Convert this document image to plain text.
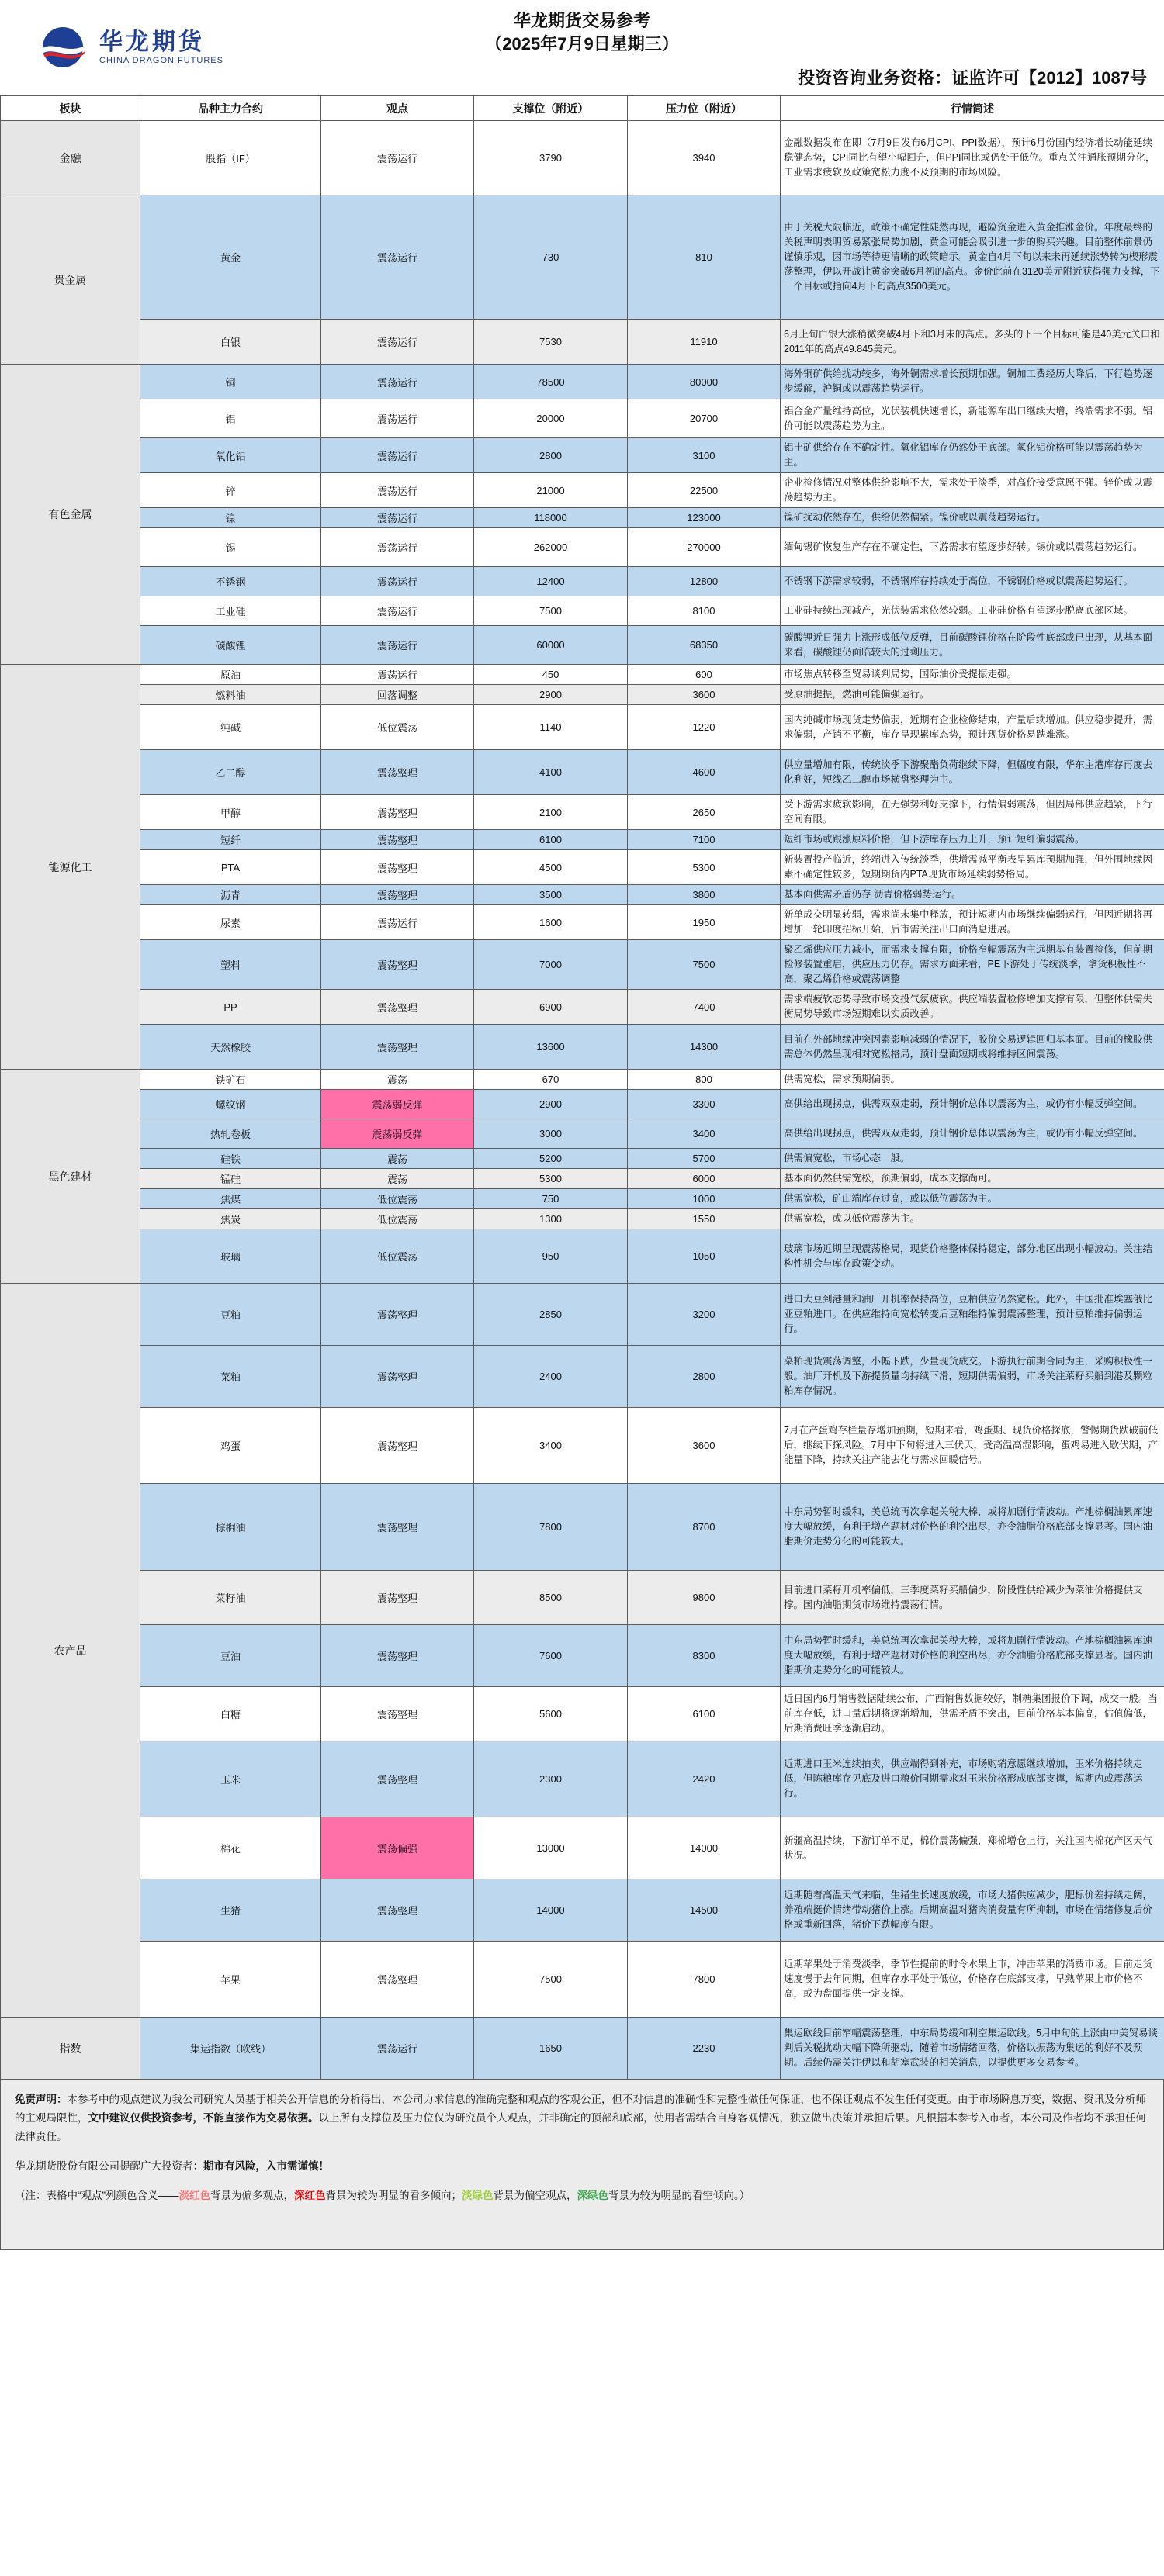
华龙期货
CHINA DRAGON FUTURES
华龙期货交易参考
（2025年7月9日星期三）
投资咨询业务资格：证监许可【2012】1087号
板块	品种主力合约	观点	支撑位（附近）	压力位（附近）	行情简述
金融	股指（IF）	震荡运行	3790	3940	金融数据发布在即（7月9日发布6月CPI、PPI数据），预计6月份国内经济增长动能延续稳健态势，CPI同比有望小幅回升，但PPI同比或仍处于低位。重点关注通胀预期分化，工业需求疲软及政策宽松力度不及预期的市场风险。
贵金属	黄金	震荡运行	730	810	由于关税大限临近，政策不确定性陡然再现，避险资金进入黄金推涨金价。年度最终的关税声明表明贸易紧张局势加剧，黄金可能会吸引进一步的购买兴趣。目前整体前景仍谨慎乐观，因市场等待更清晰的政策暗示。黄金自4月下旬以来未再延续涨势转为楔形震荡整理，伊以开战让黄金突破6月初的高点。金价此前在3120美元附近获得强力支撑，下一个目标或指向4月下旬高点3500美元。
	白银	震荡运行	7530	11910	6月上旬白银大涨稍微突破4月下和3月末的高点。多头的下一个目标可能是40美元关口和2011年的高点49.845美元。
有色金属	铜	震荡运行	78500	80000	海外铜矿供给扰动较多，海外铜需求增长预期加强。铜加工费经历大降后，下行趋势逐步缓解，沪铜或以震荡趋势运行。
	铝	震荡运行	20000	20700	铝合金产量维持高位，光伏装机快速增长，新能源车出口继续大增，终端需求不弱。铝价可能以震荡趋势为主。
	氧化铝	震荡运行	2800	3100	铝土矿供给存在不确定性。氧化铝库存仍然处于底部。氧化铝价格可能以震荡趋势为主。
	锌	震荡运行	21000	22500	企业检修情况对整体供给影响不大，需求处于淡季，对高价接受意愿不强。锌价或以震荡趋势为主。
	镍	震荡运行	118000	123000	镍矿扰动依然存在，供给仍然偏紧。镍价或以震荡趋势运行。
	锡	震荡运行	262000	270000	缅甸锡矿恢复生产存在不确定性，下游需求有望逐步好转。锡价或以震荡趋势运行。
	不锈钢	震荡运行	12400	12800	不锈钢下游需求较弱，不锈钢库存持续处于高位，不锈钢价格或以震荡趋势运行。
	工业硅	震荡运行	7500	8100	工业硅持续出现减产，光伏装需求依然较弱。工业硅价格有望逐步脱离底部区域。
	碳酸锂	震荡运行	60000	68350	碳酸锂近日强力上涨形成低位反弹，目前碳酸锂价格在阶段性底部或已出现，从基本面来看，碳酸锂仍面临较大的过剩压力。
能源化工	原油	震荡运行	450	600	市场焦点转移至贸易谈判局势，国际油价受提振走强。
	燃料油	回落调整	2900	3600	受原油提振，燃油可能偏强运行。
	纯碱	低位震荡	1140	1220	国内纯碱市场现货走势偏弱，近期有企业检修结束，产量后续增加。供应稳步提升，需求偏弱，产销不平衡，库存呈现累库态势，预计现货价格易跌难涨。
	乙二醇	震荡整理	4100	4600	供应量增加有限，传统淡季下游聚酯负荷继续下降，但幅度有限，华东主港库存再度去化利好，短线乙二醇市场横盘整理为主。
	甲醇	震荡整理	2100	2650	受下游需求疲软影响，在无强势利好支撑下，行情偏弱震荡，但因局部供应趋紧，下行空间有限。
	短纤	震荡整理	6100	7100	短纤市场或跟涨原料价格，但下游库存压力上升，预计短纤偏弱震荡。
	PTA	震荡整理	4500	5300	新装置投产临近，终端进入传统淡季，供增需减平衡表呈累库预期加强，但外围地缘因素不确定性较多，短期期货内PTA现货市场延续弱势格局。
	沥青	震荡整理	3500	3800	基本面供需矛盾仍存 沥青价格弱势运行。
	尿素	震荡运行	1600	1950	新单成交明显转弱，需求尚未集中释放，预计短期内市场继续偏弱运行，但因近期将再增加一轮印度招标开始，后市需关注出口面消息进展。
	塑料	震荡整理	7000	7500	聚乙烯供应压力减小，而需求支撑有限，价格窄幅震荡为主远期基有装置检修，但前期检修装置重启，供应压力仍存。需求方面来看，PE下游处于传统淡季，拿货积极性不高，聚乙烯价格或震荡调整
	PP	震荡整理	6900	7400	需求端疲软态势导致市场交投气氛疲软。供应端装置检修增加支撑有限，但整体供需失衡局势导致市场短期难以实质改善。
	天然橡胶	震荡整理	13600	14300	目前在外部地缘冲突因素影响减弱的情况下，胶价交易逻辑回归基本面。目前的橡胶供需总体仍然呈现相对宽松格局，预计盘面短期或将维持区间震荡。
黑色建材	铁矿石	震荡	670	800	供需宽松，需求预期偏弱。
	螺纹钢	震荡弱反弹	2900	3300	高供给出现拐点，供需双双走弱，预计钢价总体以震荡为主，或仍有小幅反弹空间。
	热轧卷板	震荡弱反弹	3000	3400	高供给出现拐点，供需双双走弱，预计钢价总体以震荡为主，或仍有小幅反弹空间。
	硅铁	震荡	5200	5700	供需偏宽松，市场心态一般。
	锰硅	震荡	5300	6000	基本面仍然供需宽松，预期偏弱，成本支撑尚可。
	焦煤	低位震荡	750	1000	供需宽松，矿山端库存过高，或以低位震荡为主。
	焦炭	低位震荡	1300	1550	供需宽松，或以低位震荡为主。
	玻璃	低位震荡	950	1050	玻璃市场近期呈现震荡格局，现货价格整体保持稳定，部分地区出现小幅波动。关注结构性机会与库存政策变动。
农产品	豆粕	震荡整理	2850	3200	进口大豆到港量和油厂开机率保持高位，豆粕供应仍然宽松。此外，中国批准埃塞俄比亚豆粕进口。在供应维持向宽松转变后豆粕维持偏弱震荡整理，预计豆粕维持偏弱运行。
	菜粕	震荡整理	2400	2800	菜粕现货震荡调整，小幅下跌，少量现货成交。下游执行前期合同为主，采购积极性一般。油厂开机及下游提货量均持续下滑，短期供需偏弱，市场关注菜籽买船到港及颗粒粕库存情况。
	鸡蛋	震荡整理	3400	3600	7月在产蛋鸡存栏量存增加预期，短期来看，鸡蛋期、现货价格探底，警惕期货跌破前低后，继续下探风险。7月中下旬将进入三伏天，受高温高湿影响，蛋鸡易进入歇伏期，产能量下降，持续关注产能去化与需求回暖信号。
	棕榈油	震荡整理	7800	8700	中东局势暂时缓和，美总统再次拿起关税大棒，或将加剧行情波动。产地棕榈油累库速度大幅放缓，有利于增产题材对价格的利空出尽，亦令油脂价格底部支撑显著。国内油脂期价走势分化的可能较大。
	菜籽油	震荡整理	8500	9800	目前进口菜籽开机率偏低，三季度菜籽买船偏少，阶段性供给减少为菜油价格提供支撑。国内油脂期货市场维持震荡行情。
	豆油	震荡整理	7600	8300	中东局势暂时缓和，美总统再次拿起关税大棒，或将加剧行情波动。产地棕榈油累库速度大幅放缓，有利于增产题材对价格的利空出尽，亦令油脂价格底部支撑显著。国内油脂期价走势分化的可能较大。
	白糖	震荡整理	5600	6100	近日国内6月销售数据陆续公布，广西销售数据较好，制糖集团报价下调，成交一般。当前库存低，进口量后期将逐渐增加，供需矛盾不突出，目前价格基本偏高，估值偏低，后期消费旺季逐渐启动。
	玉米	震荡整理	2300	2420	近期进口玉米连续拍卖，供应端得到补充，市场购销意愿继续增加，玉米价格持续走低，但陈粮库存见底及进口粮价同期需求对玉米价格形成底部支撑，短期内或震荡运行。
	棉花	震荡偏强	13000	14000	新疆高温持续，下游订单不足，棉价震荡偏强，郑棉增仓上行，关注国内棉花产区天气状况。
	生猪	震荡整理	14000	14500	近期随着高温天气来临，生猪生长速度放缓，市场大猪供应减少，肥标价差持续走阔，养殖端挺价情绪带动猪价上涨。后期高温对猪肉消费量有所抑制，市场在情绪修复后价格或重新回落，猪价下跌幅度有限。
	苹果	震荡整理	7500	7800	近期苹果处于消费淡季，季节性提前的时令水果上市，冲击苹果的消费市场。目前走货速度慢于去年同期，但库存水平处于低位，价格存在底部支撑，早熟苹果上市价格不高，或为盘面提供一定支撑。
指数	集运指数（欧线）	震荡运行	1650	2230	集运欧线目前窄幅震荡整理，中东局势缓和利空集运欧线。5月中旬的上涨由中美贸易谈判后关税扰动大幅下降所驱动，随着市场情绪回落，价格以振荡为集运的利好不及预期。后续仍需关注伊以和胡塞武装的相关消息，以提供更多交易参考。

免责声明：本参考中的观点建议为我公司研究人员基于相关公开信息的分析得出，本公司力求信息的准确完整和观点的客观公正，但不对信息的准确性和完整性做任何保证，也不保证观点不发生任何变更。由于市场瞬息万变，数据、资讯及分析师的主观局限性，文中建议仅供投资参考，不能直接作为交易依据。以上所有支撑位及压力位仅为研究员个人观点，并非确定的顶部和底部，使用者需结合自身客观情况，独立做出决策并承担后果。凡根据本参考入市者，本公司及作者均不承担任何法律责任。

华龙期货股份有限公司提醒广大投资者：期市有风险，入市需谨慎！

（注：表格中“观点”列颜色含义——淡红色背景为偏多观点，深红色背景为较为明显的看多倾向；淡绿色背景为偏空观点，深绿色背景为较为明显的看空倾向。）
